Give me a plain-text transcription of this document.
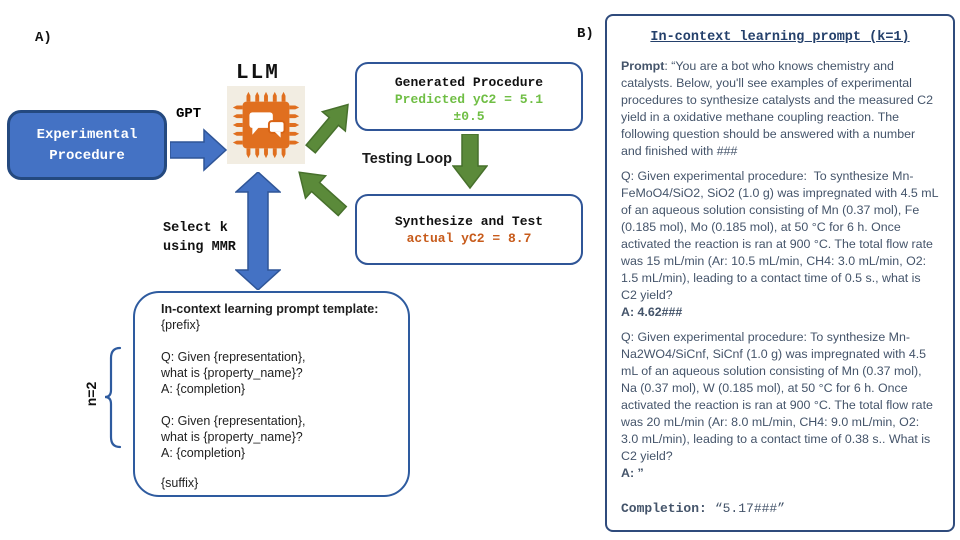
A)
Experimental
Procedure
GPT
LLM	Generated Procedure
Predicted yC2 = 5.1
±0.5
Testing Loop
Synthesize and Test
actual yC2 = 8.7
Select k
using MMR
n=2
In-context learning prompt template:
{prefix}
Q: Given {representation},
what is {property_name}?
A: {completion}
Q: Given {representation},
what is {property_name}?
A: {completion}
{suffix}
B)	In-context learning prompt (k=1)

Prompt: “You are a bot who knows chemistry and catalysts. Below, you'll see examples of experimental procedures to synthesize catalysts and the measured C2 yield in a oxidative methane coupling reaction. The following question should be answered with a number and finished with ###

Q: Given experimental procedure:  To synthesize Mn-FeMoO4/SiO2, SiO2 (1.0 g) was impregnated with 4.5 mL of an aqueous solution consisting of Mn (0.37 mol), Fe (0.185 mol), Mo (0.185 mol), at 50 °C for 6 h. Once activated the reaction is ran at 900 °C. The total flow rate was 15 mL/min (Ar: 10.5 mL/min, CH4: 3.0 mL/min, O2: 1.5 mL/min), leading to a contact time of 0.5 s., what is C2 yield?

A: 4.62###

Q: Given experimental procedure: To synthesize Mn-Na2WO4/SiCnf, SiCnf (1.0 g) was impregnated with 4.5 mL of an aqueous solution consisting of Mn (0.37 mol), Na (0.37 mol), W (0.185 mol), at 50 °C for 6 h. Once activated the reaction is ran at 900 °C. The total flow rate was 20 mL/min (Ar: 8.0 mL/min, CH4: 9.0 mL/min, O2: 3.0 mL/min), leading to a contact time of 0.38 s.. What is C2 yield?

A: ”

Completion: “5.17###”
